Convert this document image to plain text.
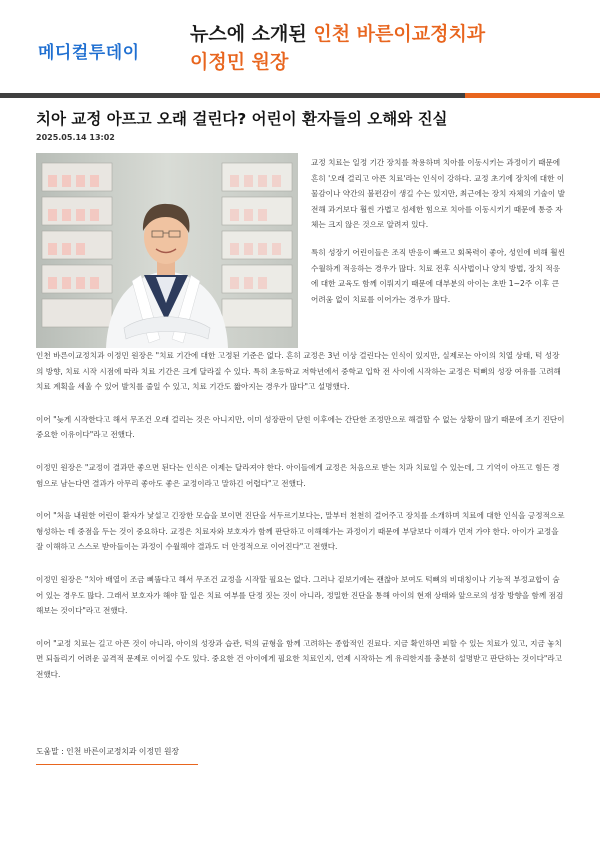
메디컬투데이
뉴스에 소개된 인천 바른이교정치과
이정민 원장
치아 교정 아프고 오래 걸린다? 어린이 환자들의 오해와 진실
2025.05.14 13:02

교정 치료는 일정 기간 장치를 착용하며 치아를 이동시키는 과정이기 때문에 흔히 '오래 걸리고 아픈 치료'라는 인식이 강하다. 교정 초기에 장치에 대한 이물감이나 약간의 불편감이 생길 수는 있지만, 최근에는 장치 자체의 기술이 발전해 과거보다 훨씬 가볍고 섬세한 힘으로 치아를 이동시키기 때문에 통증 자체는 크지 않은 것으로 알려져 있다.

특히 성장기 어린이들은 조직 반응이 빠르고 회복력이 좋아, 성인에 비해 훨씬 수월하게 적응하는 경우가 많다. 치료 전후 식사법이나 양치 방법, 장치 적응에 대한 교육도 함께 이뤄지기 때문에 대부분의 아이는 초반 1~2주 이후 큰 어려움 없이 치료를 이어가는 경우가 많다.

인천 바른이교정치과 이정민 원장은 "치료 기간에 대한 고정된 기준은 없다. 흔히 교정은 3년 이상 걸린다는 인식이 있지만, 실제로는 아이의 치열 상태, 턱 성장의 방향, 치료 시작 시점에 따라 치료 기간은 크게 달라질 수 있다. 특히 초등학교 저학년에서 중학교 입학 전 사이에 시작하는 교정은 턱뼈의 성장 여유를 고려해 치료 계획을 세울 수 있어 발치를 줄일 수 있고, 치료 기간도 짧아지는 경우가 많다"고 설명했다.

이어 "늦게 시작한다고 해서 무조건 오래 걸리는 것은 아니지만, 이미 성장판이 닫힌 이후에는 간단한 조정만으로 해결할 수 없는 상황이 많기 때문에 조기 진단이 중요한 이유이다"라고 전했다.

이정민 원장은 "교정이 결과만 좋으면 된다는 인식은 이제는 달라져야 한다. 아이들에게 교정은 처음으로 받는 치과 치료일 수 있는데, 그 기억이 아프고 힘든 경험으로 남는다면 결과가 아무리 좋아도 좋은 교정이라고 말하긴 어렵다"고 전했다.

이어 "처음 내원한 어린이 환자가 낯설고 긴장한 모습을 보이면 진단을 서두르기보다는, 말부터 천천히 걸어주고 장치를 소개하며 치료에 대한 인식을 긍정적으로 형성하는 데 중점을 두는 것이 중요하다. 교정은 치료자와 보호자가 함께 판단하고 이해해가는 과정이기 때문에 부담보다 이해가 먼저 가야 한다. 아이가 교정을 잘 이해하고 스스로 받아들이는 과정이 수월해야 결과도 더 안정적으로 이어진다"고 전했다.

이정민 원장은 "치아 배열이 조금 삐뚤다고 해서 무조건 교정을 시작할 필요는 없다. 그러나 겉보기에는 괜찮아 보여도 턱뼈의 비대칭이나 기능적 부정교합이 숨어 있는 경우도 많다. 그래서 보호자가 해야 할 일은 치료 여부를 단정 짓는 것이 아니라, 정밀한 진단을 통해 아이의 현재 상태와 앞으로의 성장 방향을 함께 점검해보는 것이다"라고 전했다.

이어 "교정 치료는 길고 아픈 것이 아니라, 아이의 성장과 습관, 턱의 균형을 함께 고려하는 종합적인 진료다. 지금 확인하면 피할 수 있는 치료가 있고, 지금 놓치면 되돌리기 어려운 골격적 문제로 이어질 수도 있다. 중요한 건 아이에게 필요한 치료인지, 언제 시작하는 게 유리한지를 충분히 설명받고 판단하는 것이다"라고 전했다.

도움말 : 인천 바른이교정치과 이정민 원장
